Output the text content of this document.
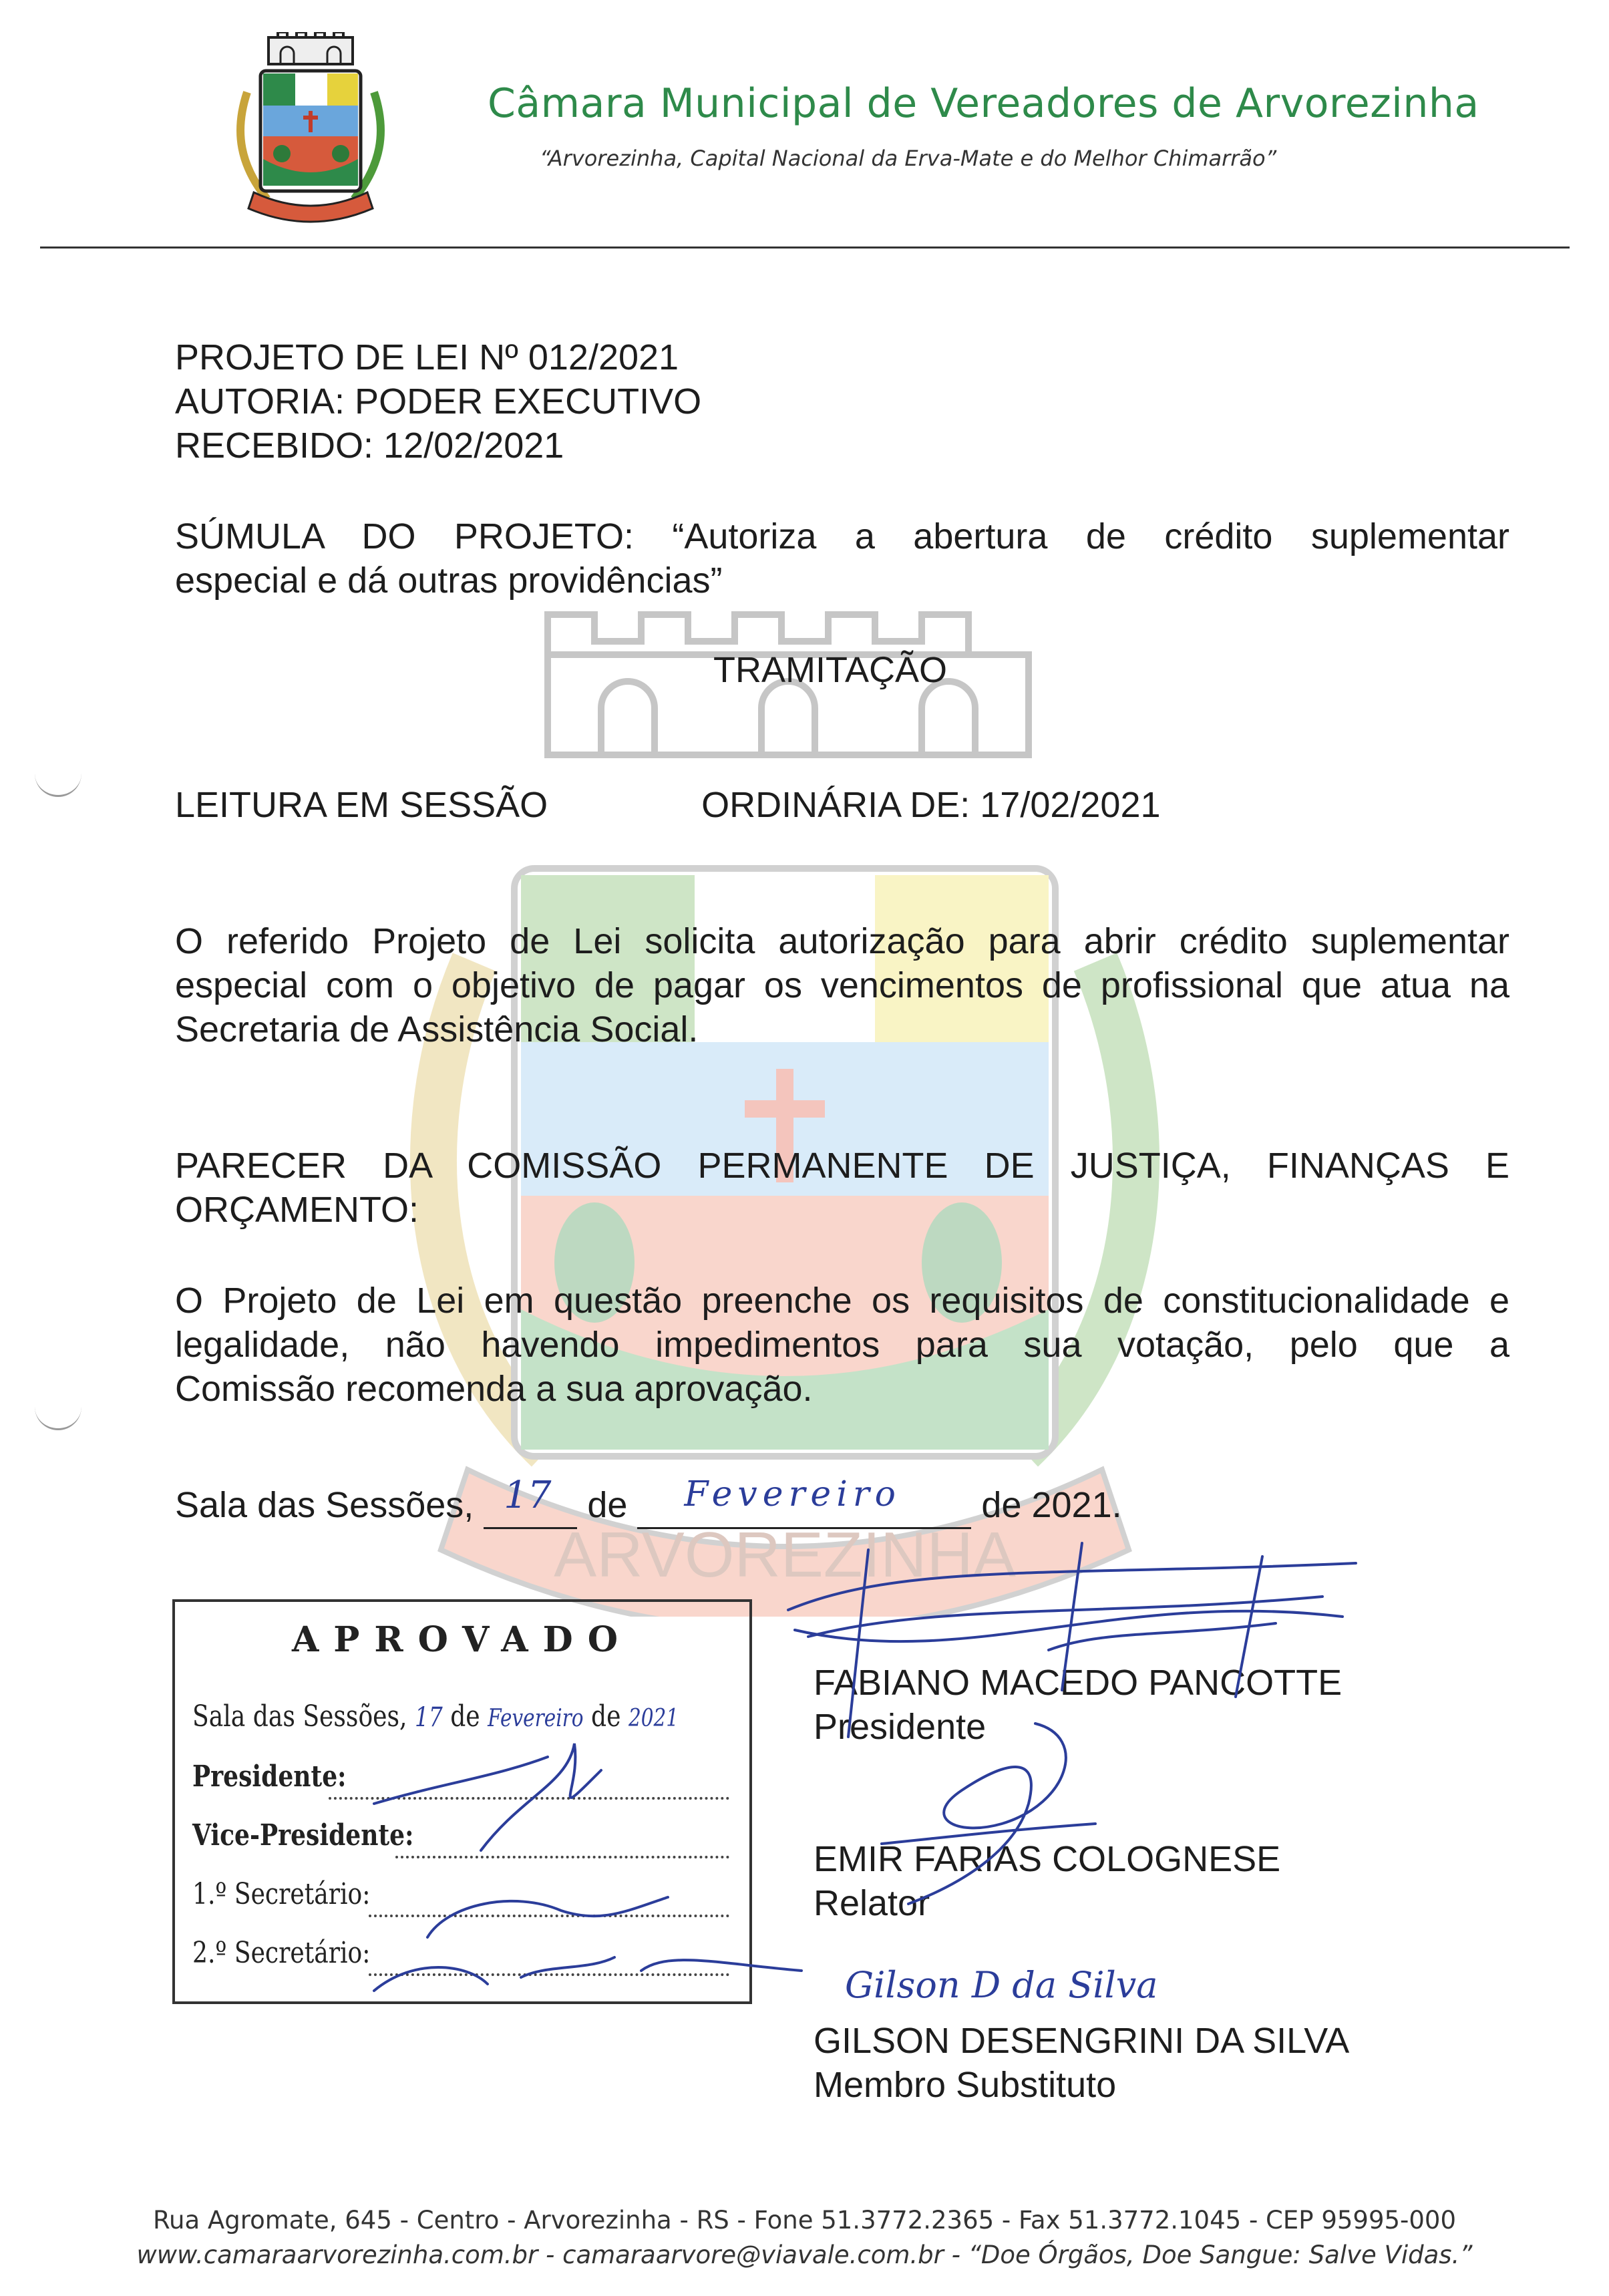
Câmara Municipal de Vereadores de Arvorezinha
“Arvorezinha, Capital Nacional da Erva-Mate e do Melhor Chimarrão”
ARVOREZINHA
PROJETO DE LEI Nº 012/2021
AUTORIA: PODER EXECUTIVO
RECEBIDO: 12/02/2021
SÚMULA DO PROJETO: “Autoriza a abertura de crédito suplementar
especial e dá outras providências”
TRAMITAÇÃO
LEITURA EM SESSÃO	ORDINÁRIA DE: 17/02/2021
O referido Projeto de Lei solicita autorização para abrir crédito suplementar
especial com o objetivo de pagar os vencimentos de profissional que atua na
Secretaria de Assistência Social.
PARECER DA COMISSÃO PERMANENTE DE JUSTIÇA, FINANÇAS E
ORÇAMENTO:
O Projeto de Lei em questão preenche os requisitos de constitucionalidade e
legalidade, não havendo impedimentos para sua votação, pelo que a
Comissão recomenda a sua aprovação.
Sala das Sessões, 17 de Fevereiro de 2021.
APROVADO
Sala das Sessões, 17 de Fevereiro de 2021
Presidente:
Vice-Presidente:
1.º Secretário:
2.º Secretário:
FABIANO MACEDO PANCOTTE
Presidente
EMIR FARIAS COLOGNESE
Relator
GILSON DESENGRINI DA SILVA
Membro Substituto
Gilson D da Silva
Rua Agromate, 645 - Centro - Arvorezinha - RS - Fone 51.3772.2365 - Fax 51.3772.1045 - CEP 95995-000
www.camaraarvorezinha.com.br - camaraarvore@viavale.com.br - “Doe Órgãos, Doe Sangue: Salve Vidas.”
